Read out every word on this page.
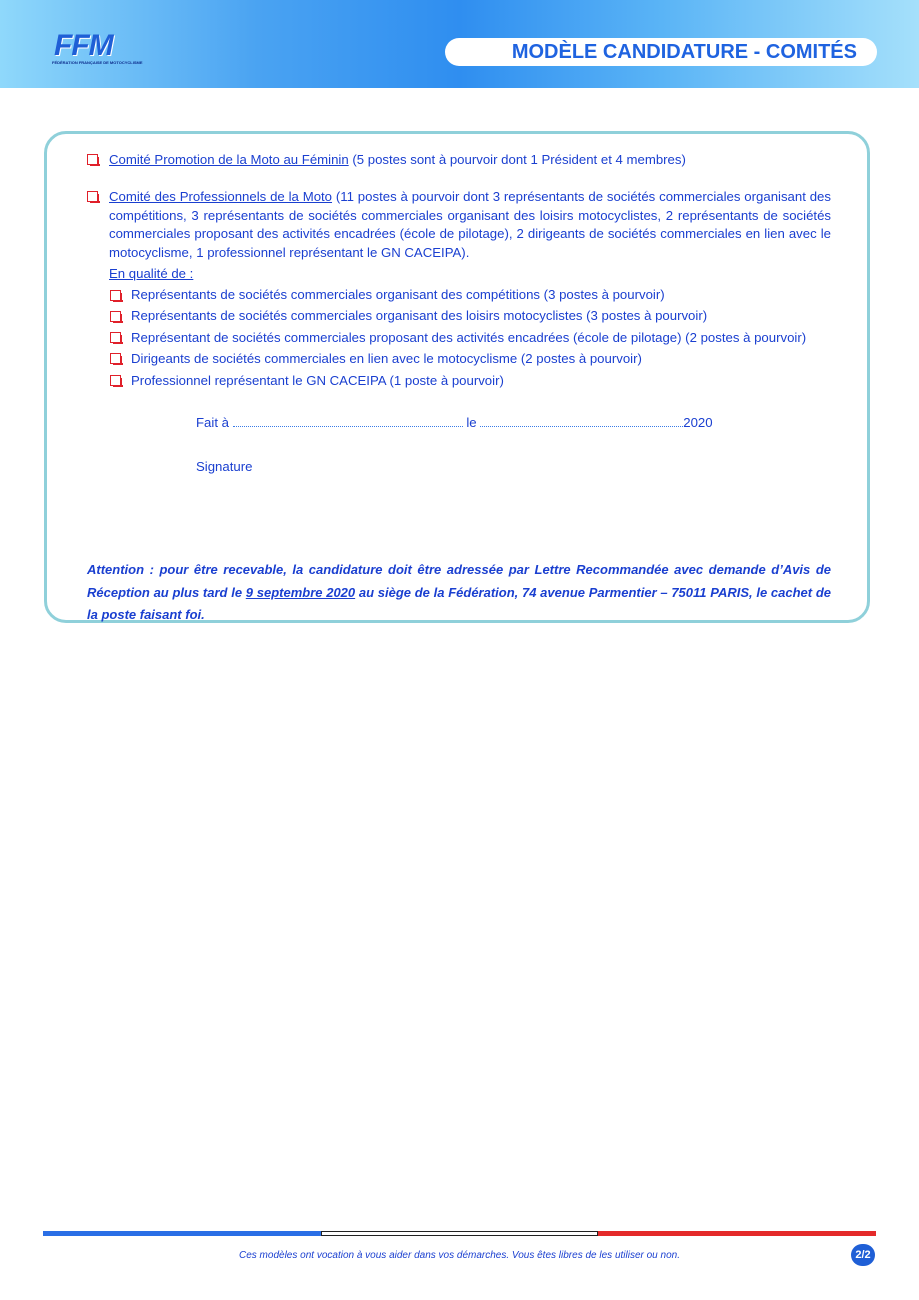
FFM
FÉDÉRATION FRANÇAISE DE MOTOCYCLISME	MODÈLE CANDIDATURE - COMITÉS
Comité Promotion de la Moto au Féminin (5 postes sont à pourvoir dont 1 Président et 4 membres)
Comité des Professionnels de la Moto (11 postes à pourvoir dont 3 représentants de sociétés commerciales organisant des compétitions, 3 représentants de sociétés commerciales organisant des loisirs motocyclistes, 2 représentants de sociétés commerciales proposant des activités encadrées (école de pilotage), 2 dirigeants de sociétés commerciales en lien avec le motocyclisme, 1 professionnel représentant le GN CACEIPA).
En qualité de :
Représentants de sociétés commerciales organisant des compétitions (3 postes à pourvoir)
Représentants de sociétés commerciales organisant des loisirs motocyclistes (3 postes à pourvoir)
Représentant de sociétés commerciales proposant des activités encadrées (école de pilotage) (2 postes à pourvoir)
Dirigeants de sociétés commerciales en lien avec le motocyclisme (2 postes à pourvoir)
Professionnel représentant le GN CACEIPA (1 poste à pourvoir)
Fait à	le	2020
Signature
Attention : pour être recevable, la candidature doit être adressée par Lettre Recommandée avec demande d’Avis de Réception au plus tard le 9 septembre 2020 au siège de la Fédération, 74 avenue Parmentier – 75011 PARIS, le cachet de la poste faisant foi.
Ces modèles ont vocation à vous aider dans vos démarches. Vous êtes libres de les utiliser ou non.	2/2
